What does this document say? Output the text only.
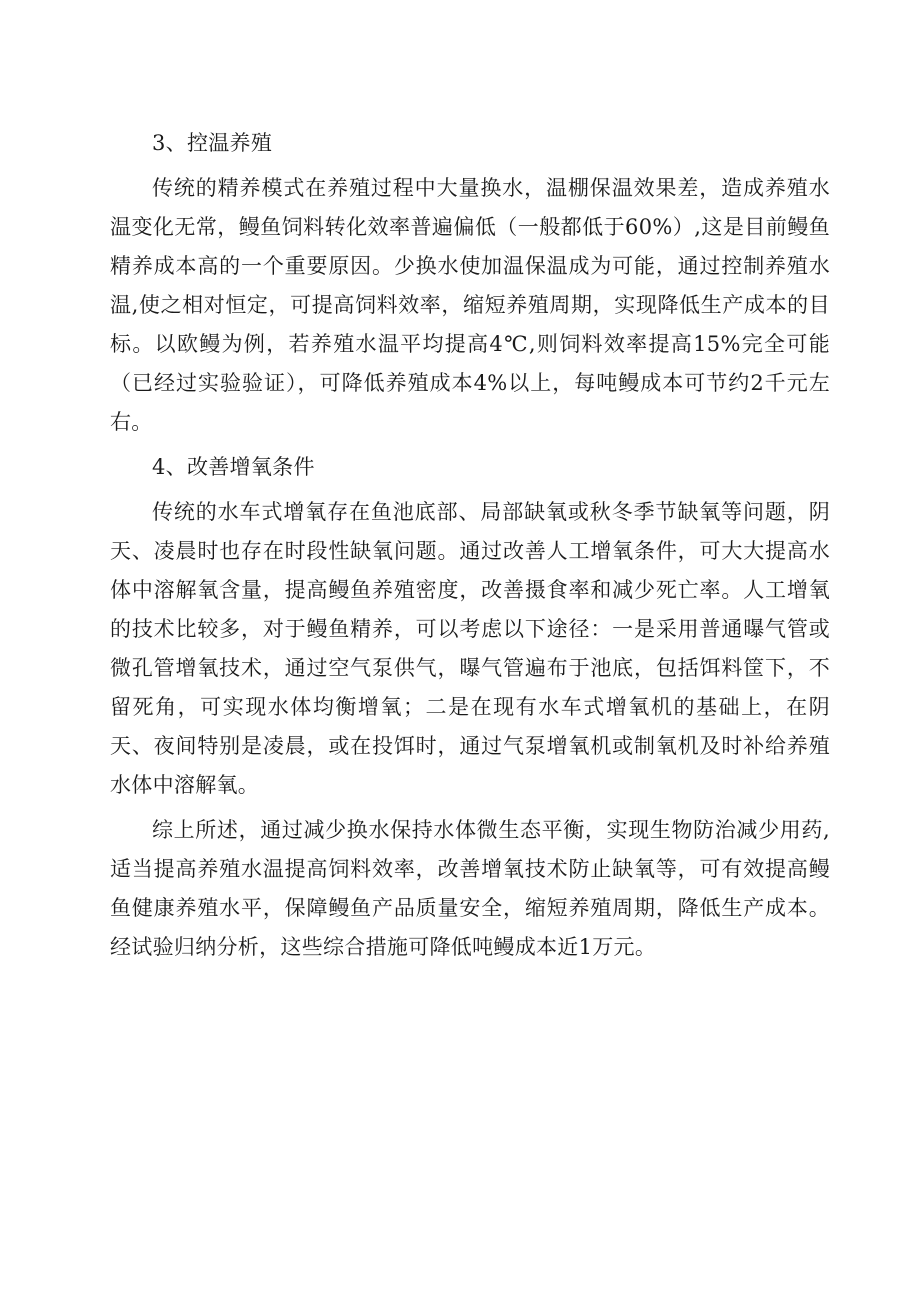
3、控温养殖

传统的精养模式在养殖过程中大量换水，温棚保温效果差，造成养殖水温变化无常，鳗鱼饲料转化效率普遍偏低（一般都低于60%）,这是目前鳗鱼精养成本高的一个重要原因。少换水使加温保温成为可能，通过控制养殖水温,使之相对恒定，可提高饲料效率，缩短养殖周期，实现降低生产成本的目标。以欧鳗为例，若养殖水温平均提高4℃,则饲料效率提高15%完全可能（已经过实验验证），可降低养殖成本4%以上，每吨鳗成本可节约2千元左右。

4、改善增氧条件

传统的水车式增氧存在鱼池底部、局部缺氧或秋冬季节缺氧等问题，阴天、凌晨时也存在时段性缺氧问题。通过改善人工增氧条件，可大大提高水体中溶解氧含量，提高鳗鱼养殖密度，改善摄食率和减少死亡率。人工增氧的技术比较多，对于鳗鱼精养，可以考虑以下途径：一是采用普通曝气管或微孔管增氧技术，通过空气泵供气，曝气管遍布于池底，包括饵料筐下，不留死角，可实现水体均衡增氧；二是在现有水车式增氧机的基础上，在阴天、夜间特别是凌晨，或在投饵时，通过气泵增氧机或制氧机及时补给养殖水体中溶解氧。

综上所述，通过减少换水保持水体微生态平衡，实现生物防治减少用药,适当提高养殖水温提高饲料效率，改善增氧技术防止缺氧等，可有效提高鳗鱼健康养殖水平，保障鳗鱼产品质量安全，缩短养殖周期，降低生产成本。经试验归纳分析，这些综合措施可降低吨鳗成本近1万元。
